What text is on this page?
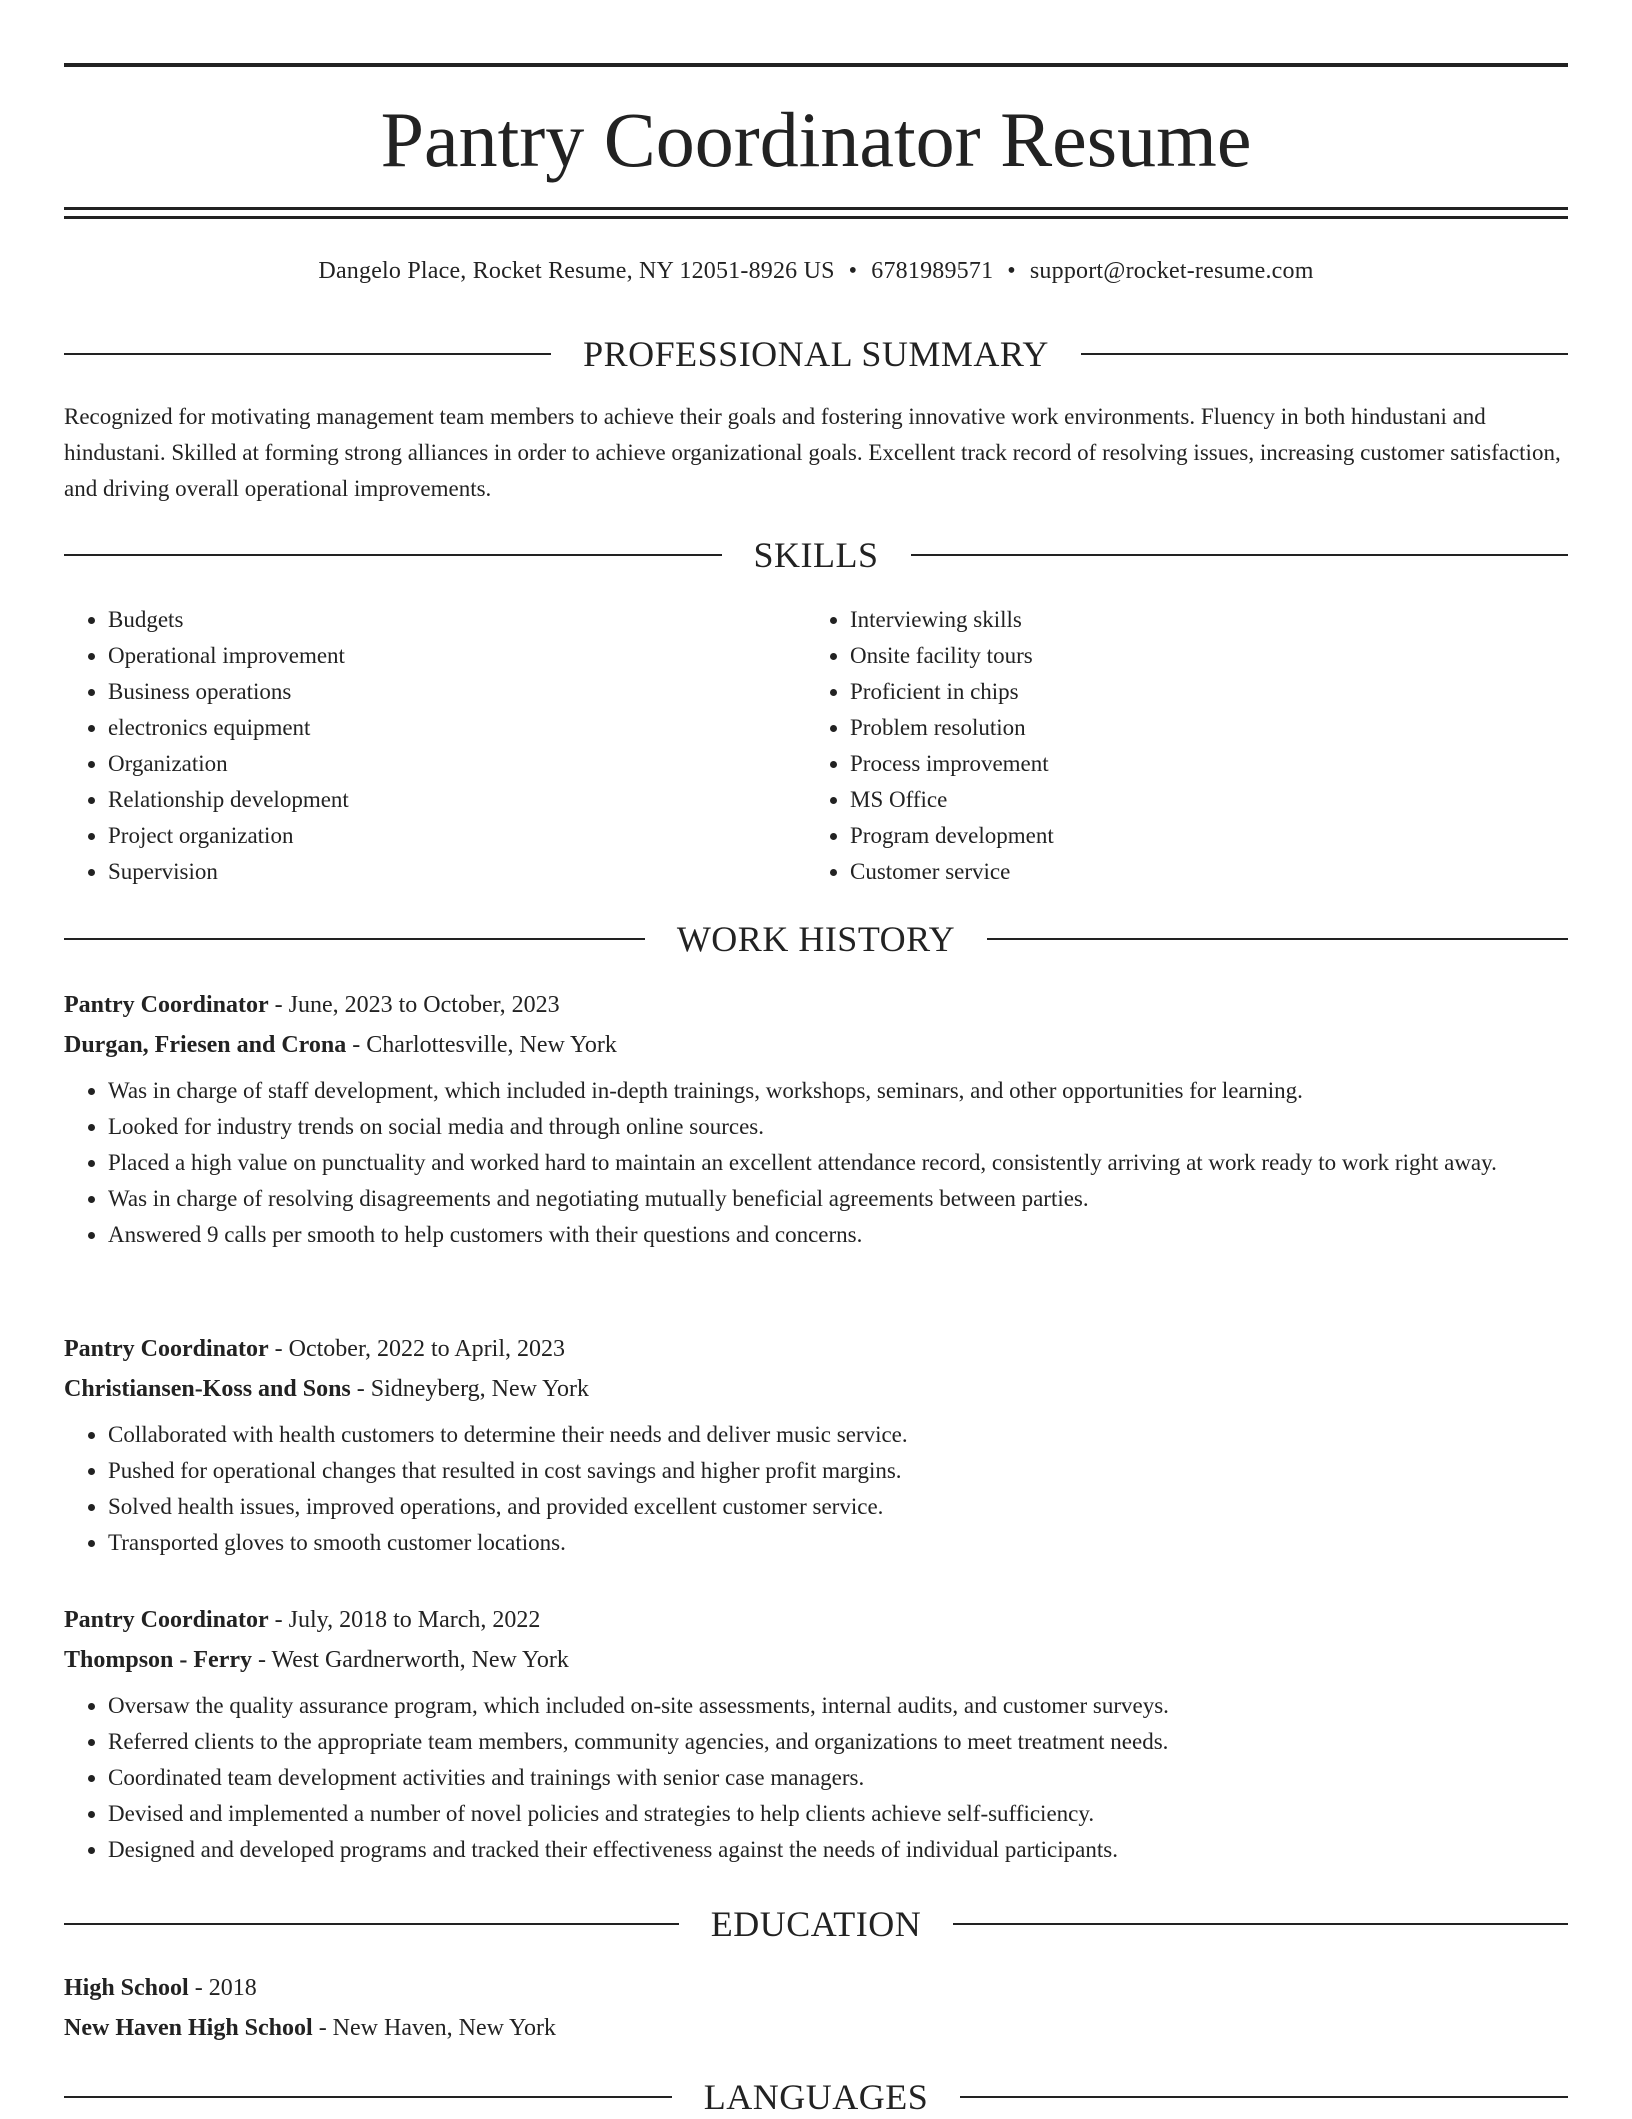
Pantry Coordinator Resume
Dangelo Place, Rocket Resume, NY 12051-8926 US • 6781989571 • support@rocket-resume.com
PROFESSIONAL SUMMARY

Recognized for motivating management team members to achieve their goals and fostering innovative work environments. Fluency in both hindustani and hindustani. Skilled at forming strong alliances in order to achieve organizational goals. Excellent track record of resolving issues, increasing customer satisfaction, and driving overall operational improvements.

SKILLS
• Budgets
• Operational improvement
• Business operations
• electronics equipment
• Organization
• Relationship development
• Project organization
• Supervision
• Interviewing skills
• Onsite facility tours
• Proficient in chips
• Problem resolution
• Process improvement
• MS Office
• Program development
• Customer service
WORK HISTORY
Pantry Coordinator - June, 2023 to October, 2023
Durgan, Friesen and Crona - Charlottesville, New York
• Was in charge of staff development, which included in-depth trainings, workshops, seminars, and other opportunities for learning.
• Looked for industry trends on social media and through online sources.
• Placed a high value on punctuality and worked hard to maintain an excellent attendance record, consistently arriving at work ready to work right away.
• Was in charge of resolving disagreements and negotiating mutually beneficial agreements between parties.
• Answered 9 calls per smooth to help customers with their questions and concerns.
Pantry Coordinator - October, 2022 to April, 2023
Christiansen-Koss and Sons - Sidneyberg, New York
• Collaborated with health customers to determine their needs and deliver music service.
• Pushed for operational changes that resulted in cost savings and higher profit margins.
• Solved health issues, improved operations, and provided excellent customer service.
• Transported gloves to smooth customer locations.
Pantry Coordinator - July, 2018 to March, 2022
Thompson - Ferry - West Gardnerworth, New York
• Oversaw the quality assurance program, which included on-site assessments, internal audits, and customer surveys.
• Referred clients to the appropriate team members, community agencies, and organizations to meet treatment needs.
• Coordinated team development activities and trainings with senior case managers.
• Devised and implemented a number of novel policies and strategies to help clients achieve self-sufficiency.
• Designed and developed programs and tracked their effectiveness against the needs of individual participants.
EDUCATION
High School - 2018
New Haven High School - New Haven, New York
LANGUAGES
